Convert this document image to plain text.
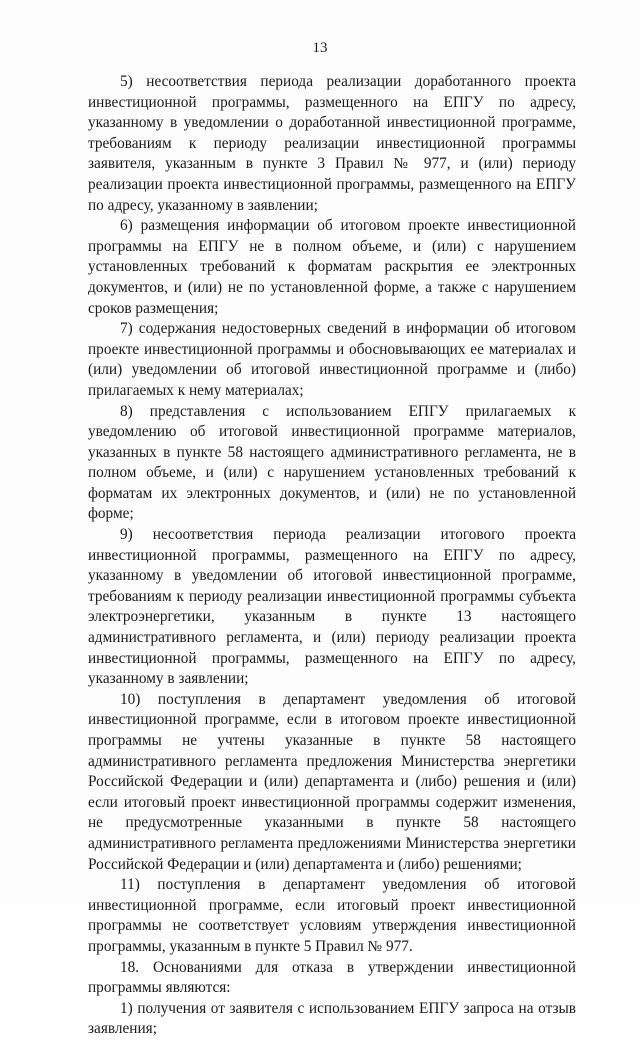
13

5) несоответствия периода реализации доработанного проекта инвестиционной программы, размещенного на ЕПГУ по адресу, указанному в уведомлении о доработанной инвестиционной программе, требованиям к периоду реализации инвестиционной программы заявителя, указанным в пункте 3 Правил № 977, и (или) периоду реализации проекта инвестиционной программы, размещенного на ЕПГУ по адресу, указанному в заявлении;

6) размещения информации об итоговом проекте инвестиционной программы на ЕПГУ не в полном объеме, и (или) с нарушением установленных требований к форматам раскрытия ее электронных документов, и (или) не по установленной форме, а также с нарушением сроков размещения;

7) содержания недостоверных сведений в информации об итоговом проекте инвестиционной программы и обосновывающих ее материалах и (или) уведомлении об итоговой инвестиционной программе и (либо) прилагаемых к нему материалах;

8) представления с использованием ЕПГУ прилагаемых к уведомлению об итоговой инвестиционной программе материалов, указанных в пункте 58 настоящего административного регламента, не в полном объеме, и (или) с нарушением установленных требований к форматам их электронных документов, и (или) не по установленной форме;

9) несоответствия периода реализации итогового проекта инвестиционной программы, размещенного на ЕПГУ по адресу, указанному в уведомлении об итоговой инвестиционной программе, требованиям к периоду реализации инвестиционной программы субъекта электроэнергетики, указанным в пункте 13 настоящего административного регламента, и (или) периоду реализации проекта инвестиционной программы, размещенного на ЕПГУ по адресу, указанному в заявлении;

10) поступления в департамент уведомления об итоговой инвестиционной программе, если в итоговом проекте инвестиционной программы не учтены указанные в пункте 58 настоящего административного регламента предложения Министерства энергетики Российской Федерации и (или) департамента и (либо) решения и (или) если итоговый проект инвестиционной программы содержит изменения, не предусмотренные указанными в пункте 58 настоящего административного регламента предложениями Министерства энергетики Российской Федерации и (или) департамента и (либо) решениями;

11) поступления в департамент уведомления об итоговой инвестиционной программе, если итоговый проект инвестиционной программы не соответствует условиям утверждения инвестиционной программы, указанным в пункте 5 Правил № 977.

18. Основаниями для отказа в утверждении инвестиционной программы являются:

1) получения от заявителя с использованием ЕПГУ запроса на отзыв заявления;
